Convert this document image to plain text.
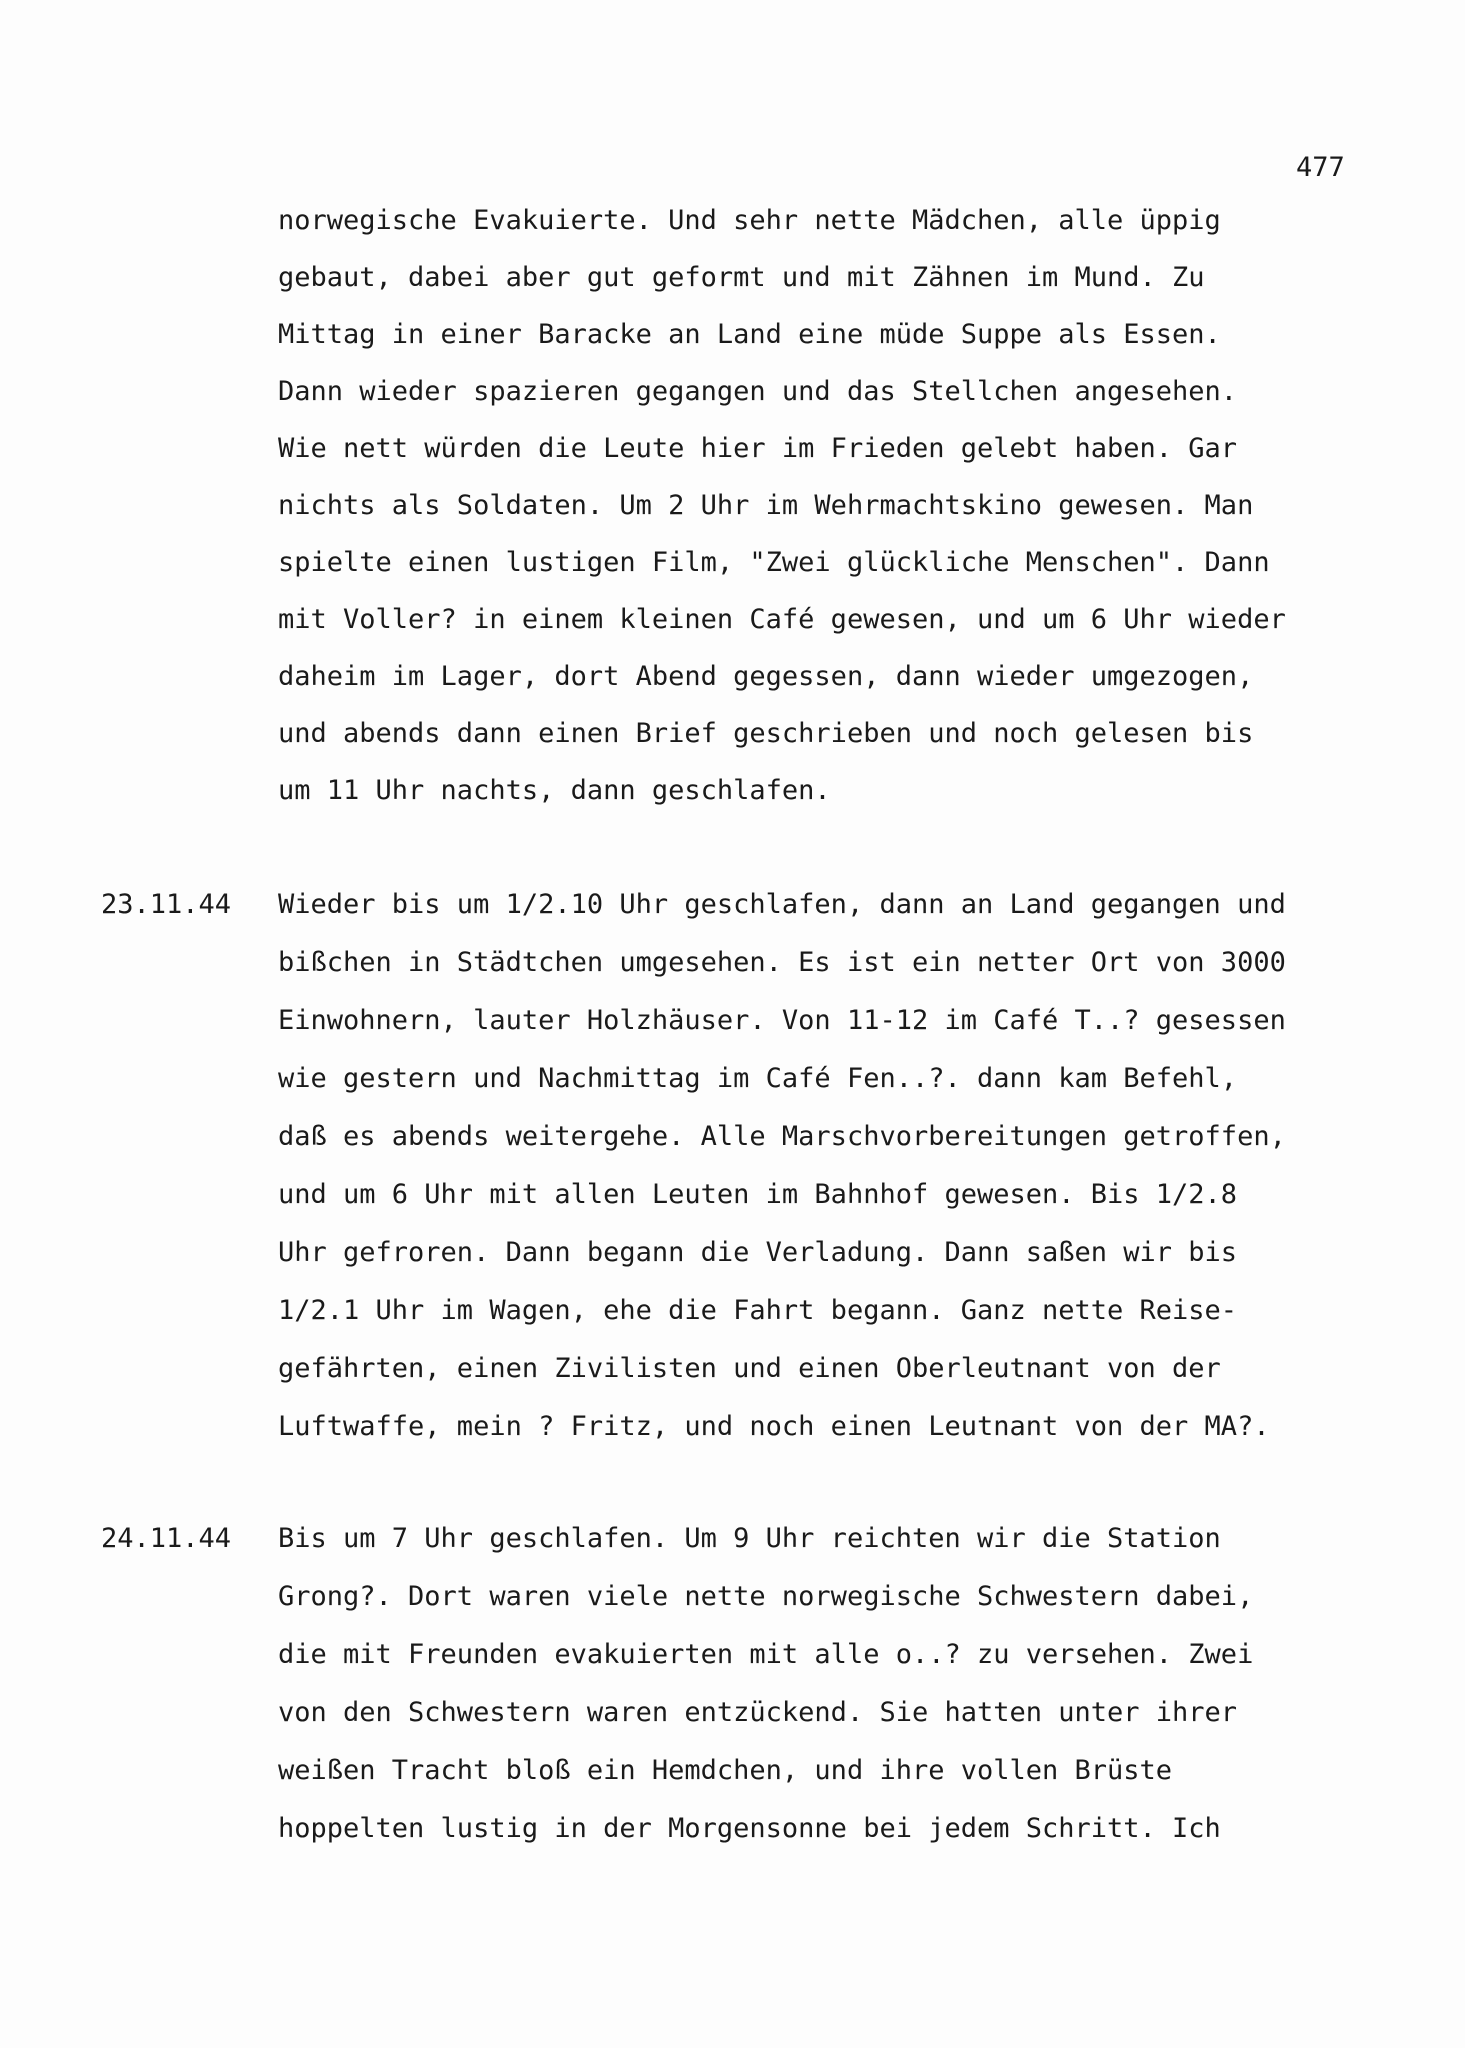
477
norwegische Evakuierte. Und sehr nette Mädchen, alle üppig
gebaut, dabei aber gut geformt und mit Zähnen im Mund. Zu
Mittag in einer Baracke an Land eine müde Suppe als Essen.
Dann wieder spazieren gegangen und das Stellchen angesehen.
Wie nett würden die Leute hier im Frieden gelebt haben. Gar
nichts als Soldaten. Um 2 Uhr im Wehrmachtskino gewesen. Man
spielte einen lustigen Film, "Zwei glückliche Menschen". Dann
mit Voller? in einem kleinen Café gewesen, und um 6 Uhr wieder
daheim im Lager, dort Abend gegessen, dann wieder umgezogen,
und abends dann einen Brief geschrieben und noch gelesen bis
um 11 Uhr nachts, dann geschlafen.
23.11.44 Wieder bis um 1/2.10 Uhr geschlafen, dann an Land gegangen und
bißchen in Städtchen umgesehen. Es ist ein netter Ort von 3000
Einwohnern, lauter Holzhäuser. Von 11-12 im Café T..? gesessen
wie gestern und Nachmittag im Café Fen..?. dann kam Befehl,
daß es abends weitergehe. Alle Marschvorbereitungen getroffen,
und um 6 Uhr mit allen Leuten im Bahnhof gewesen. Bis 1/2.8
Uhr gefroren. Dann begann die Verladung. Dann saßen wir bis
1/2.1 Uhr im Wagen, ehe die Fahrt begann. Ganz nette Reise-
gefährten, einen Zivilisten und einen Oberleutnant von der
Luftwaffe, mein ? Fritz, und noch einen Leutnant von der MA?.
24.11.44 Bis um 7 Uhr geschlafen. Um 9 Uhr reichten wir die Station
Grong?. Dort waren viele nette norwegische Schwestern dabei,
die mit Freunden evakuierten mit alle o..? zu versehen. Zwei
von den Schwestern waren entzückend. Sie hatten unter ihrer
weißen Tracht bloß ein Hemdchen, und ihre vollen Brüste
hoppelten lustig in der Morgensonne bei jedem Schritt. Ich
